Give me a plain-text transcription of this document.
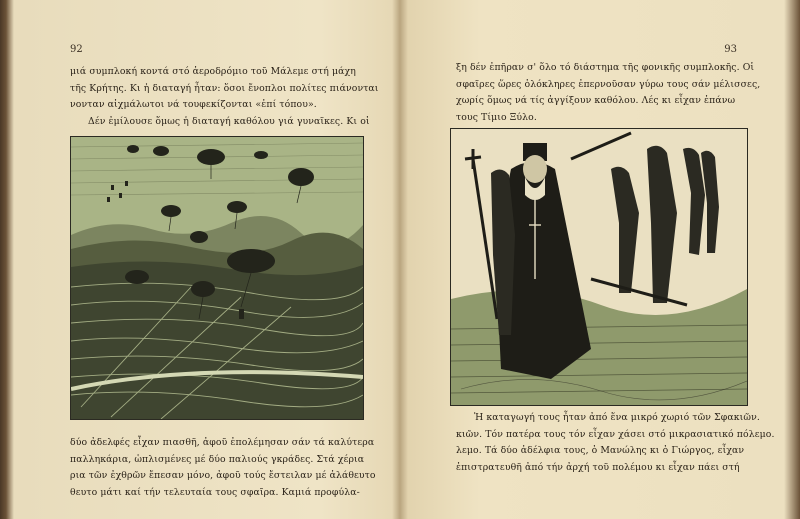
92
μιά συμπλοκή κοντά στό ἀεροδρόμιο τοῦ Μάλεμε στή μάχη
τῆς Κρήτης. Κι ἡ διαταγή ἦταν: ὅσοι ἔνοπλοι πολίτες πιάνονται
νονταν αἰχμάλωτοι νά τουφεκίζονται «ἐπί τόπου».
Δέν ἐμίλουσε ὅμως ἡ διαταγή καθόλου γιά γυναῖκες. Κι οἱ
δύο ἀδελφές εἶχαν πιασθῆ, ἀφοῦ ἐπολέμησαν σάν τά καλύτερα
παλληκάρια, ὡπλισμένες μέ δύο παλιούς γκράδες. Στά χέρια
ρια τῶν ἐχθρῶν ἔπεσαν μόνο, ἀφοῦ τούς ἔστειλαν μέ ἀλάθευτο
θευτο μάτι καί τήν τελευταία τους σφαῖρα. Καμιά προφύλα-
93
ξη δέν ἐπῆραν σ' ὅλο τό διάστημα τῆς φονικῆς συμπλοκῆς. Οἱ
σφαῖρες ὥρες ὁλόκληρες ἐπερνοῦσαν γύρω τους σάν μέλισσες,
χωρίς ὅμως νά τίς ἀγγίξουν καθόλου. Λές κι εἶχαν ἐπάνω
τους Τίμιο Ξύλο.
Ἡ καταγωγή τους ἦταν ἀπό ἕνα μικρό χωριό τῶν Σφακιῶν.
κιῶν. Τόν πατέρα τους τόν εἶχαν χάσει στό μικρασιατικό πόλεμο.
λεμο. Τά δύο ἀδέλφια τους, ὁ Μανώλης κι ὁ Γιώργος, εἶχαν
ἐπιστρατευθῆ ἀπό τήν ἀρχή τοῦ πολέμου κι εἶχαν πάει στή
